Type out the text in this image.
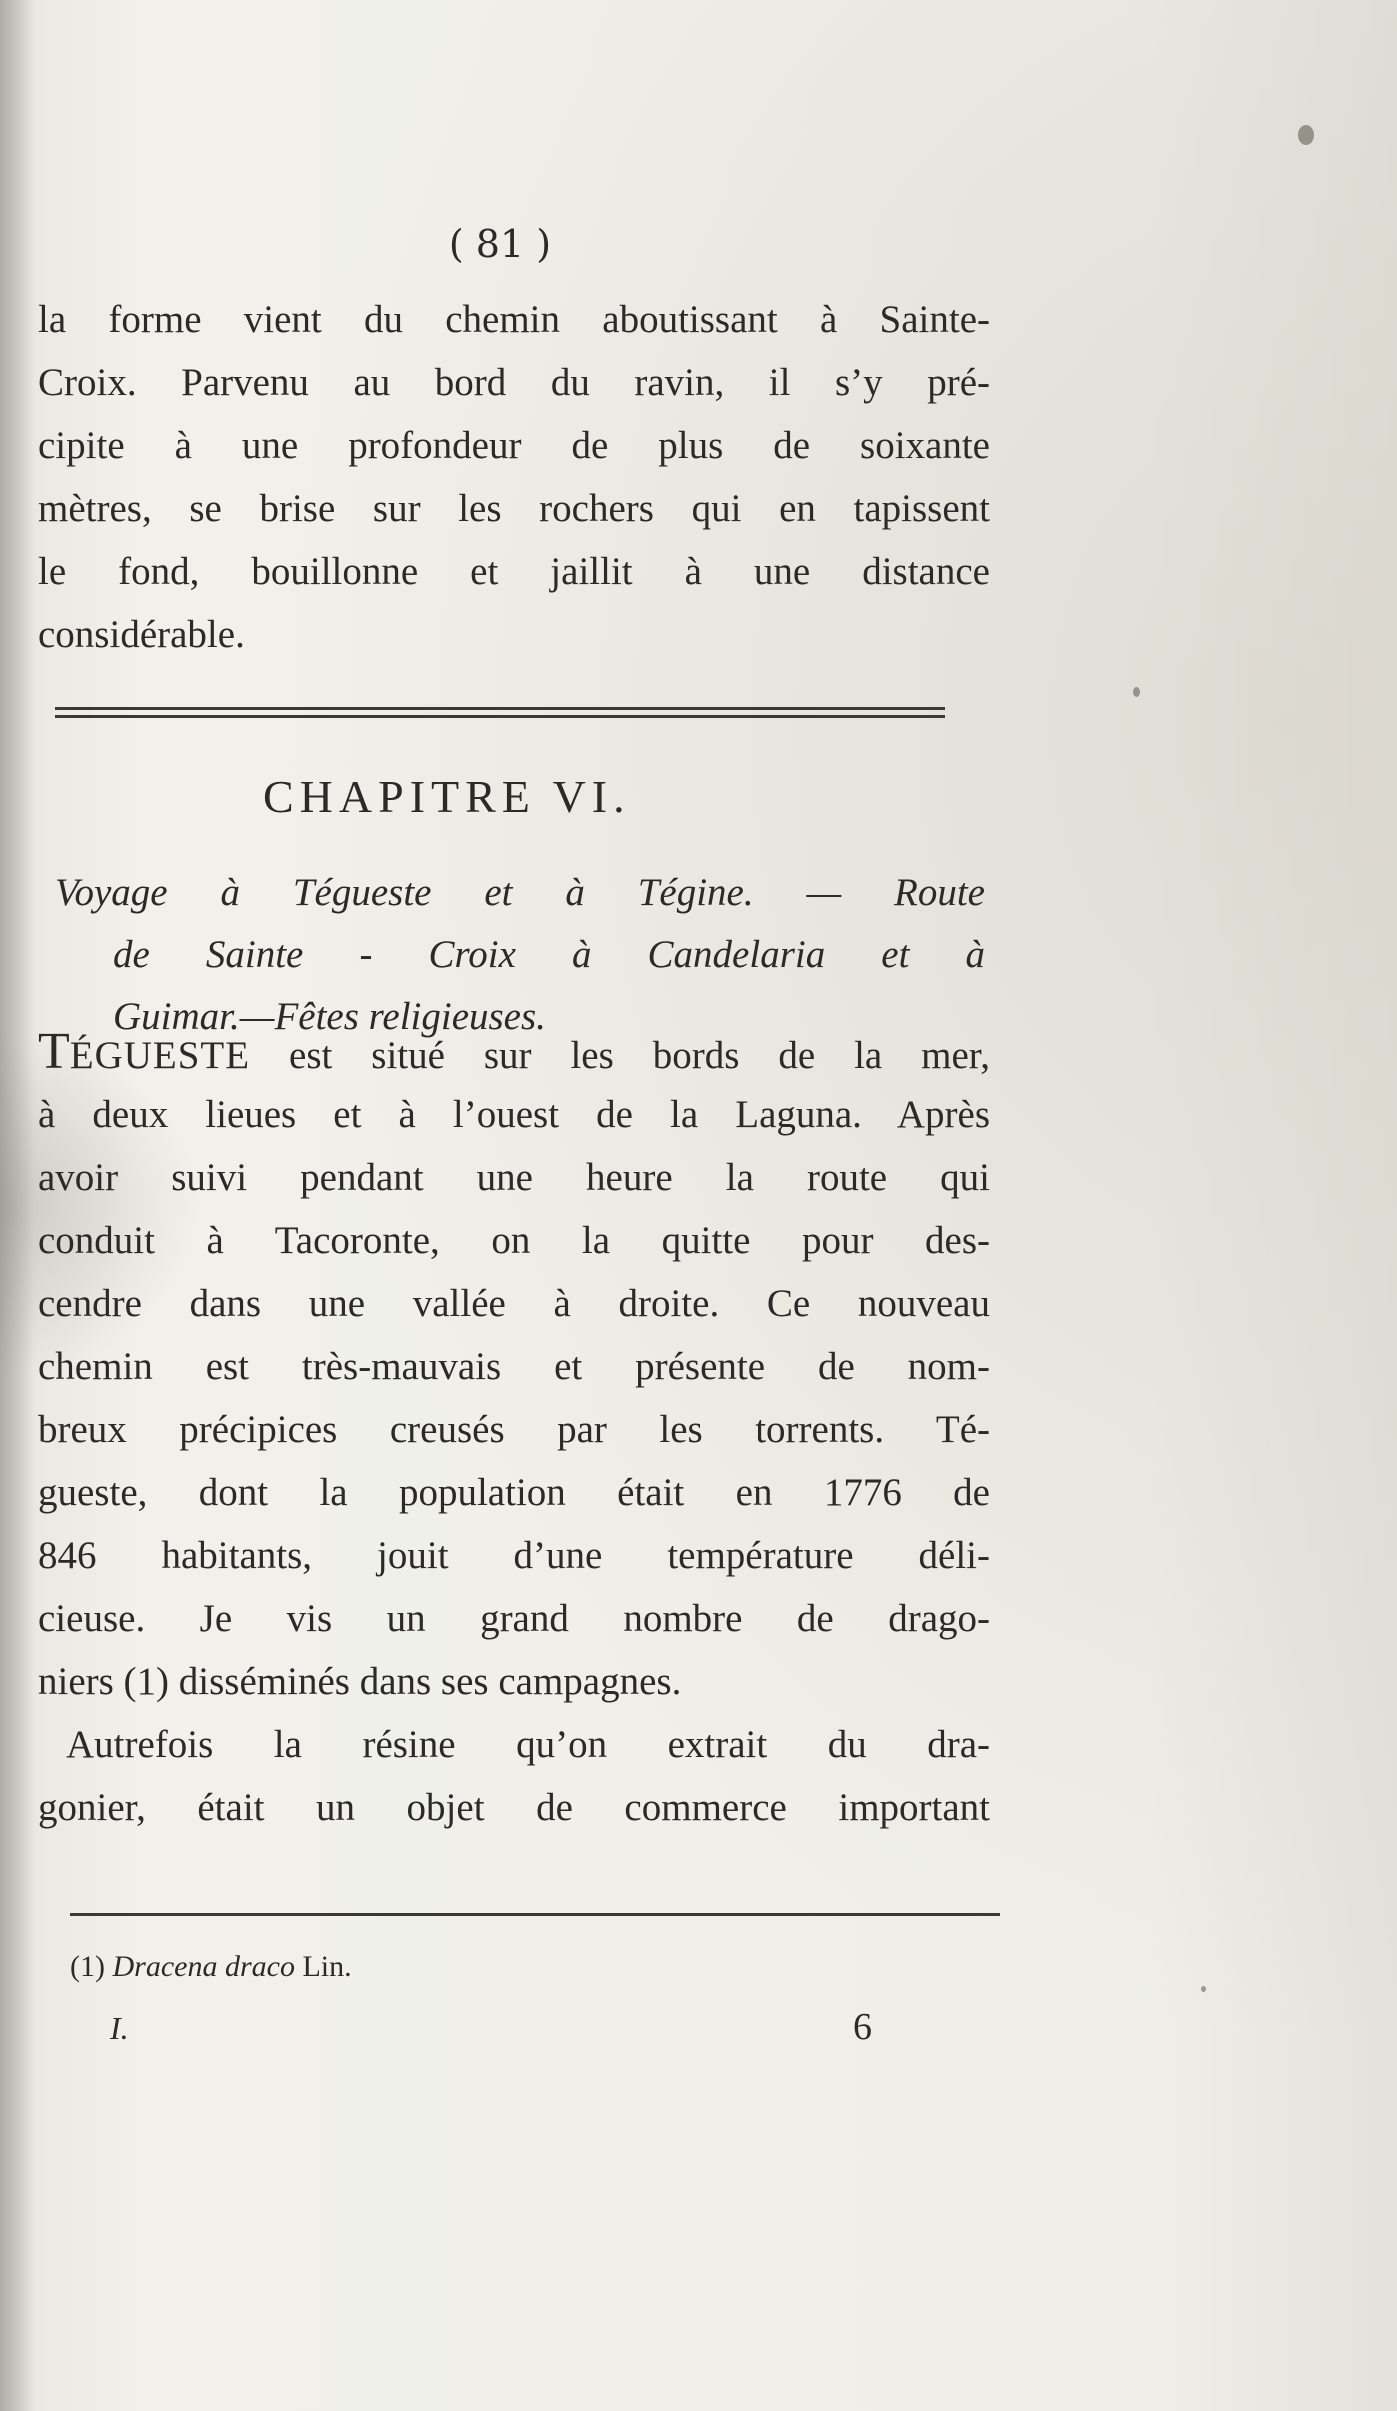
( 81 )
la forme vient du chemin aboutissant à Sainte-
Croix. Parvenu au bord du ravin, il s’y pré-
cipite à une profondeur de plus de soixante
mètres, se brise sur les rochers qui en tapissent
le fond, bouillonne et jaillit à une distance
considérable.
CHAPITRE VI.
Voyage à Tégueste et à Tégine. — Route
de Sainte - Croix à Candelaria et à
Guimar.—Fêtes religieuses.
TÉGUESTE est situé sur les bords de la mer,
à deux lieues et à l’ouest de la Laguna. Après
avoir suivi pendant une heure la route qui
conduit à Tacoronte, on la quitte pour des-
cendre dans une vallée à droite. Ce nouveau
chemin est très-mauvais et présente de nom-
breux précipices creusés par les torrents. Té-
gueste, dont la population était en 1776 de
846 habitants, jouit d’une température déli-
cieuse. Je vis un grand nombre de drago-
niers (1) disséminés dans ses campagnes.
Autrefois la résine qu’on extrait du dra-
gonier, était un objet de commerce important
(1) Dracena draco Lin.
I.	6
